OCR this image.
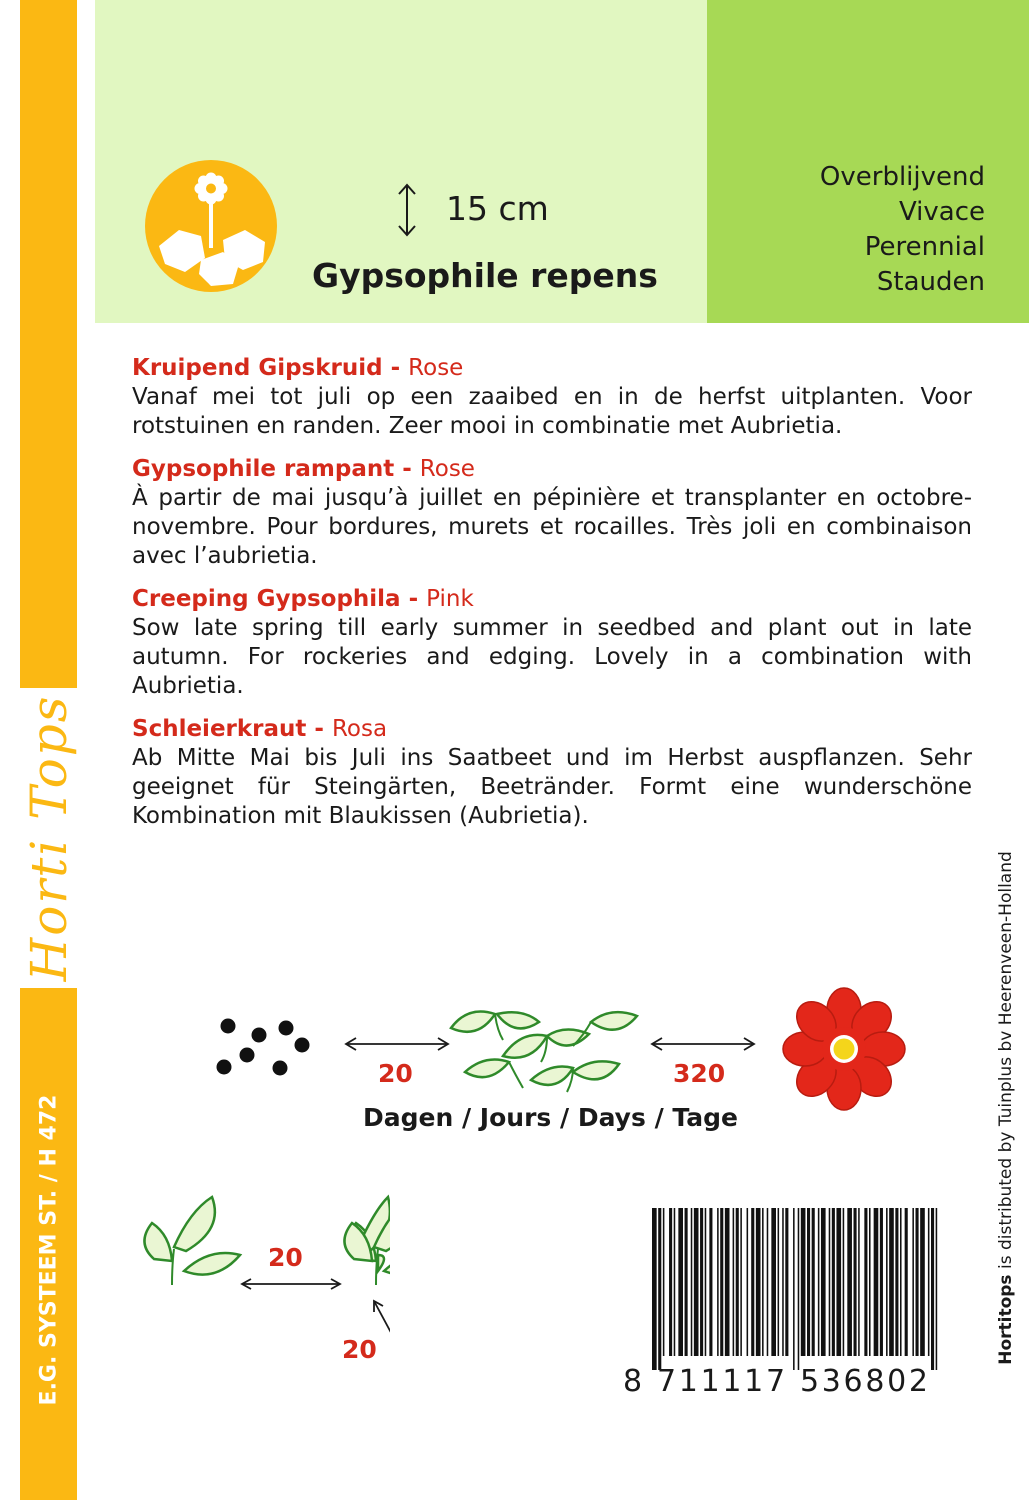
Horti Tops
E.G. SYSTEEM ST. / H 472
Overblijvend
Vivace
Perennial
Stauden
15 cm
Gypsophile repens
Kruipend Gipskruid - Rose
Vanaf mei tot juli op een zaaibed en in de herfst uitplanten. Voor rotstuinen en randen. Zeer mooi in combinatie met Aubrietia.
Gypsophile rampant - Rose
À partir de mai jusqu’à juillet en pépinière et transplanter en octobre-novembre. Pour bordures, murets et rocailles. Très joli en combinaison avec l’aubrietia.
Creeping Gypsophila - Pink
Sow late spring till early summer in seedbed and plant out in late autumn. For rockeries and edging. Lovely in a combination with Aubrietia.
Schleierkraut - Rosa
Ab Mitte Mai bis Juli ins Saatbeet und im Herbst auspflanzen. Sehr geeignet für Steingärten, Beetränder. Formt eine wunderschöne Kombination mit Blaukissen (Aubrietia).
20	320
Dagen / Jours / Days / Tage
20
20
8 711117 536802
Hortitops is distributed by Tuinplus bv Heerenveen-Holland
